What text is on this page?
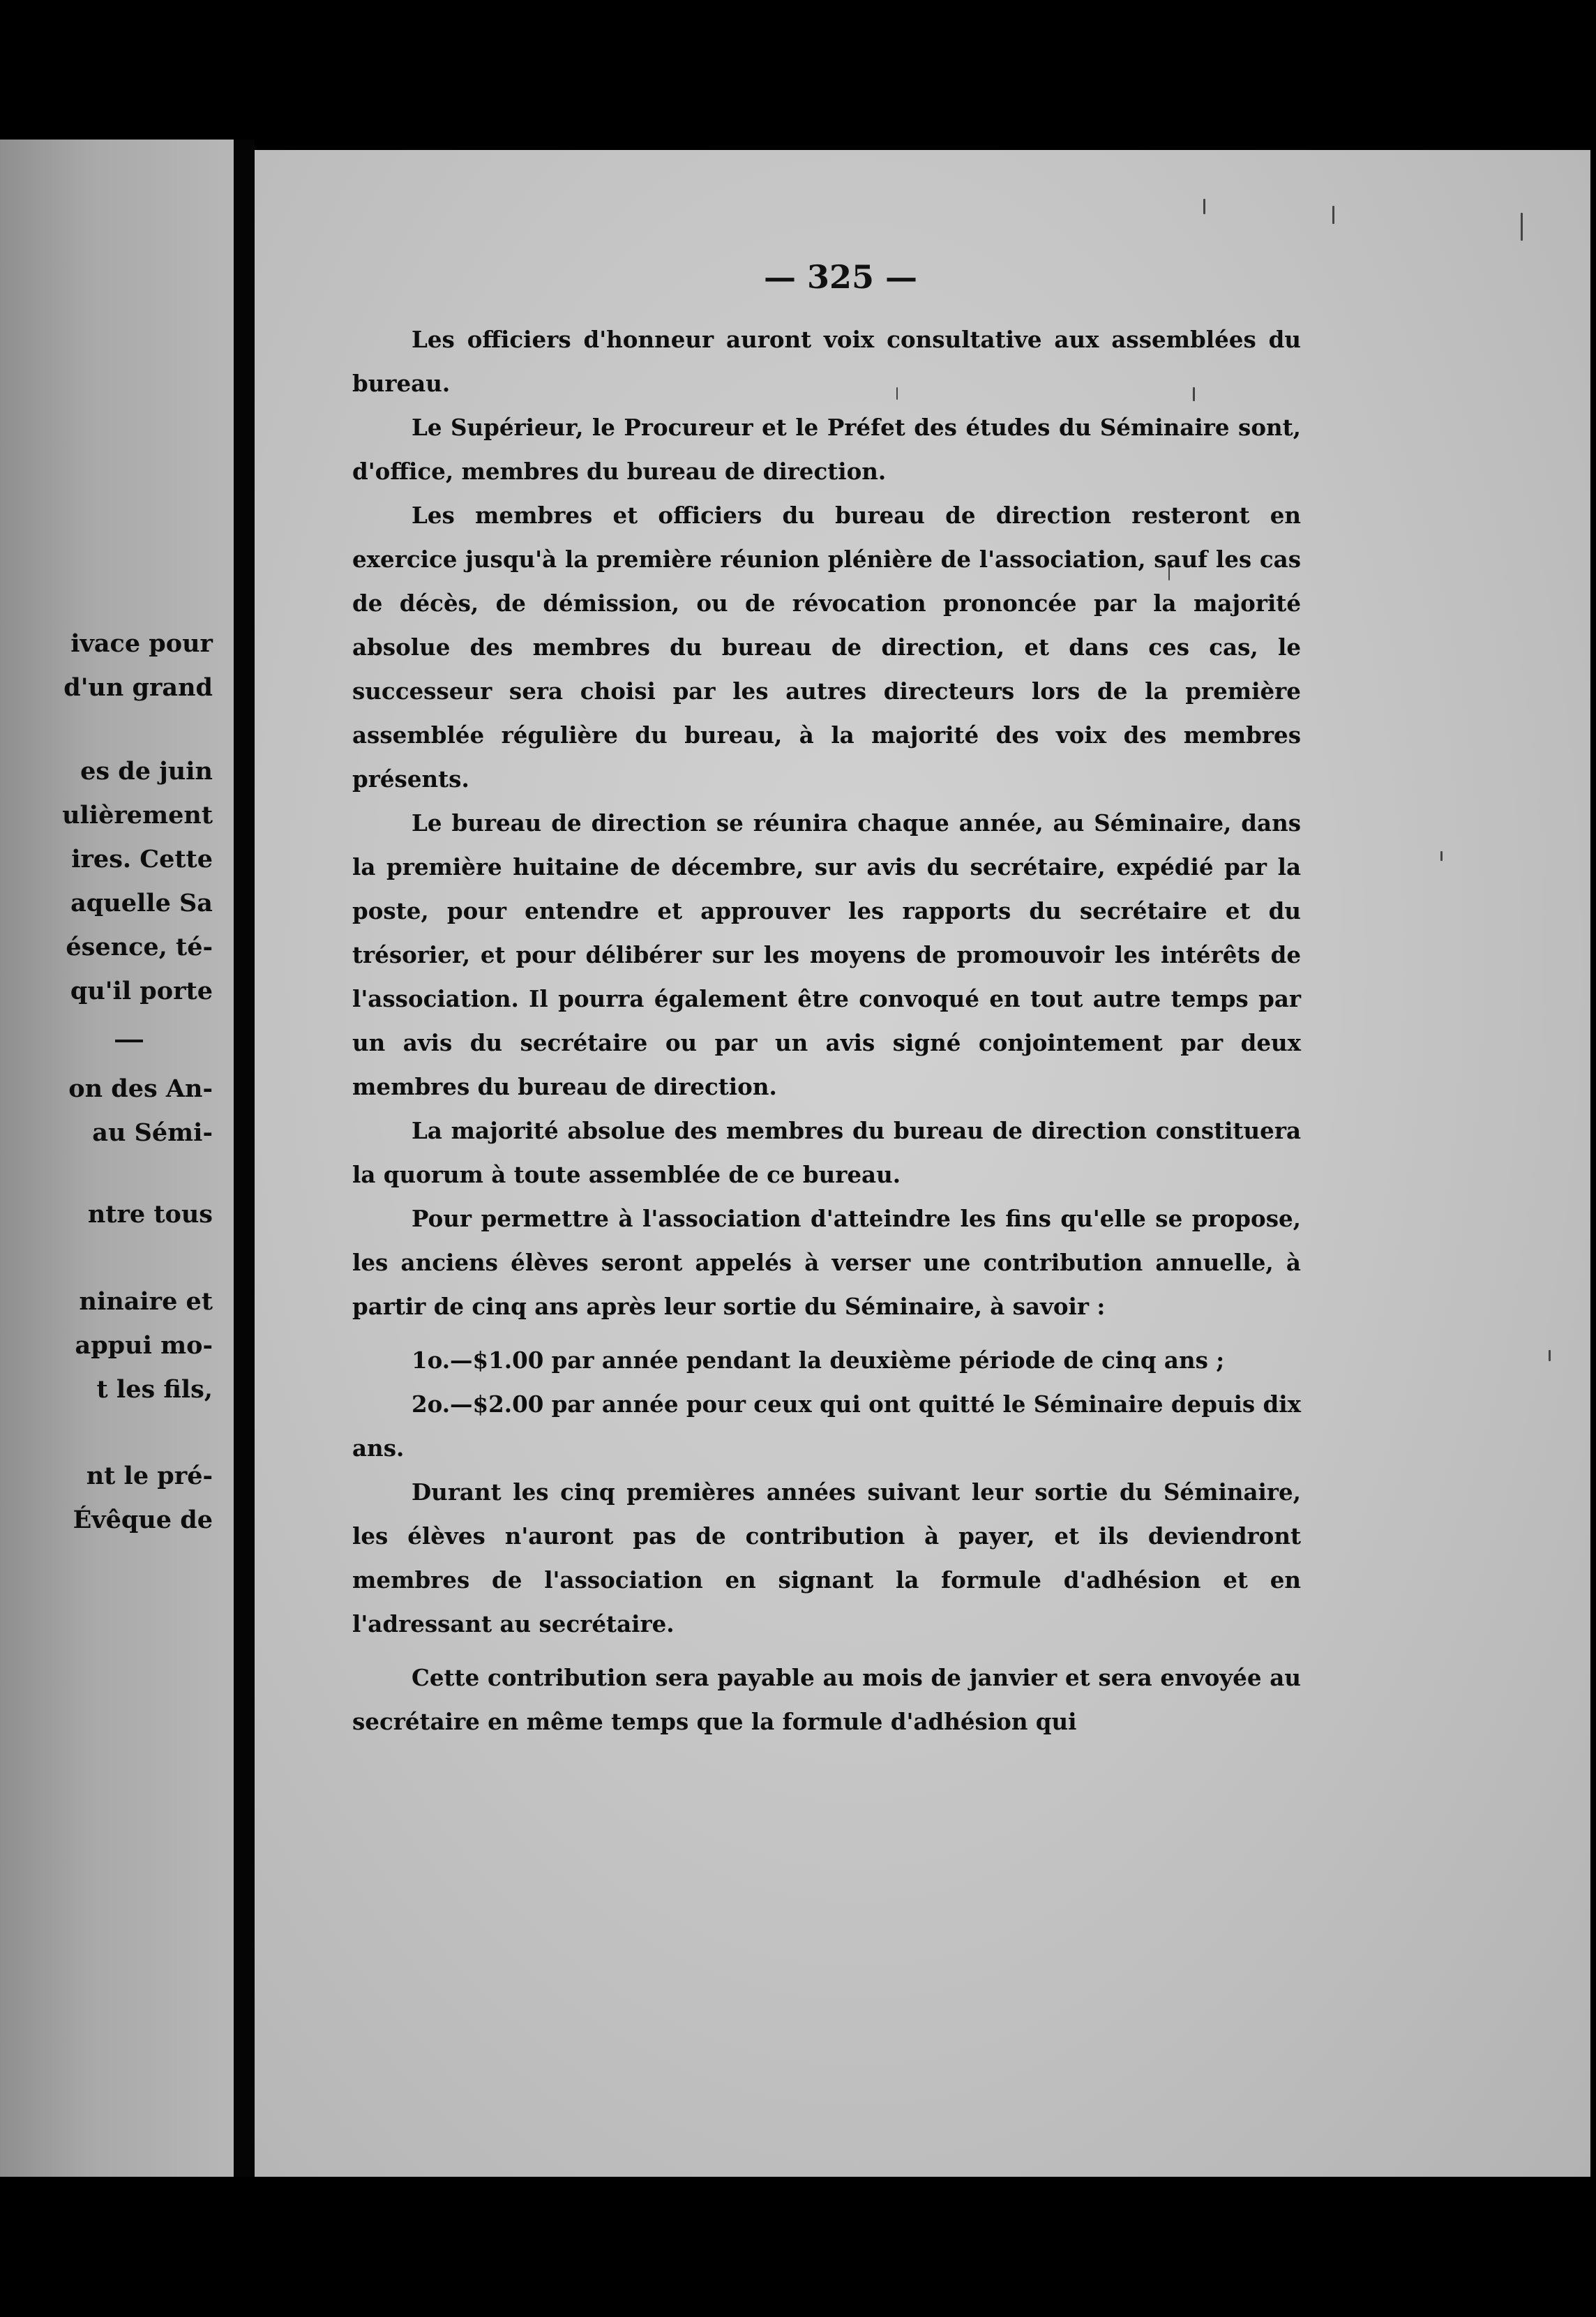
ivace pour
d'un grand
es de juin
ulièrement
ires. Cette
aquelle Sa
ésence, té-
qu'il porte
on des An-
au Sémi-
ntre tous
ninaire et
appui mo-
t les fils,
nt le pré-
Évêque de
— 325 —

Les officiers d'honneur auront voix consultative aux assemblées du bureau.

Le Supérieur, le Procureur et le Préfet des études du Séminaire sont, d'office, membres du bureau de direction.

Les membres et officiers du bureau de direction resteront en exercice jusqu'à la première réunion plénière de l'association, sauf les cas de décès, de démission, ou de révocation prononcée par la majorité absolue des membres du bureau de direction, et dans ces cas, le successeur sera choisi par les autres directeurs lors de la première assemblée régulière du bureau, à la majorité des voix des membres présents.

Le bureau de direction se réunira chaque année, au Séminaire, dans la première huitaine de décembre, sur avis du secrétaire, expédié par la poste, pour entendre et approuver les rapports du secrétaire et du trésorier, et pour délibérer sur les moyens de promouvoir les intérêts de l'association. Il pourra également être convoqué en tout autre temps par un avis du secrétaire ou par un avis signé conjointement par deux membres du bureau de direction.

La majorité absolue des membres du bureau de direction constituera la quorum à toute assemblée de ce bureau.

Pour permettre à l'association d'atteindre les fins qu'elle se propose, les anciens élèves seront appelés à verser une contribution annuelle, à partir de cinq ans après leur sortie du Séminaire, à savoir :

1o.—$1.00 par année pendant la deuxième période de cinq ans ;

2o.—$2.00 par année pour ceux qui ont quitté le Séminaire depuis dix ans.

Durant les cinq premières années suivant leur sortie du Séminaire, les élèves n'auront pas de contribution à payer, et ils deviendront membres de l'association en signant la formule d'adhésion et en l'adressant au secrétaire.

Cette contribution sera payable au mois de janvier et sera envoyée au secrétaire en même temps que la formule d'adhésion qui
